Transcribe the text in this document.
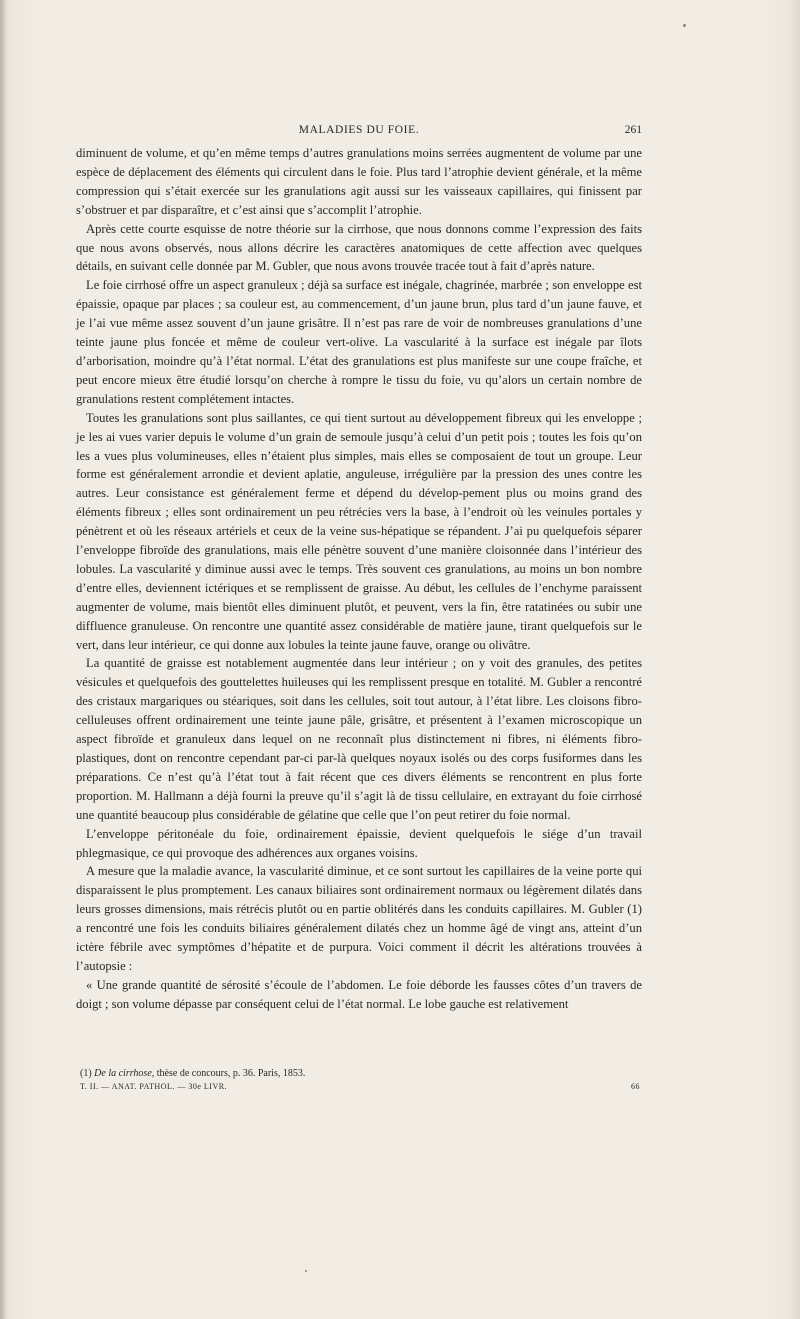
MALADIES DU FOIE.	261

diminuent de volume, et qu’en même temps d’autres granulations moins serrées augmentent de volume par une espèce de déplacement des éléments qui circulent dans le foie. Plus tard l’atrophie devient générale, et la même compression qui s’était exercée sur les granulations agit aussi sur les vaisseaux capillaires, qui finissent par s’obstruer et par disparaître, et c’est ainsi que s’accomplit l’atrophie.

Après cette courte esquisse de notre théorie sur la cirrhose, que nous donnons comme l’expression des faits que nous avons observés, nous allons décrire les caractères anatomiques de cette affection avec quelques détails, en suivant celle donnée par M. Gubler, que nous avons trouvée tracée tout à fait d’après nature.

Le foie cirrhosé offre un aspect granuleux ; déjà sa surface est inégale, chagrinée, marbrée ; son enveloppe est épaissie, opaque par places ; sa couleur est, au commencement, d’un jaune brun, plus tard d’un jaune fauve, et je l’ai vue même assez souvent d’un jaune grisâtre. Il n’est pas rare de voir de nombreuses granulations d’une teinte jaune plus foncée et même de couleur vert-olive. La vascularité à la surface est inégale par îlots d’arborisation, moindre qu’à l’état normal. L’état des granulations est plus manifeste sur une coupe fraîche, et peut encore mieux être étudié lorsqu’on cherche à rompre le tissu du foie, vu qu’alors un certain nombre de granulations restent complétement intactes.

Toutes les granulations sont plus saillantes, ce qui tient surtout au développement fibreux qui les enveloppe ; je les ai vues varier depuis le volume d’un grain de semoule jusqu’à celui d’un petit pois ; toutes les fois qu’on les a vues plus volumineuses, elles n’étaient plus simples, mais elles se composaient de tout un groupe. Leur forme est généralement arrondie et devient aplatie, anguleuse, irrégulière par la pression des unes contre les autres. Leur consistance est généralement ferme et dépend du dévelop-pement plus ou moins grand des éléments fibreux ; elles sont ordinairement un peu rétrécies vers la base, à l’endroit où les veinules portales y pénètrent et où les réseaux artériels et ceux de la veine sus-hépatique se répandent. J’ai pu quelquefois séparer l’enveloppe fibroïde des granulations, mais elle pénètre souvent d’une manière cloisonnée dans l’intérieur des lobules. La vascularité y diminue aussi avec le temps. Très souvent ces granulations, au moins un bon nombre d’entre elles, deviennent ictériques et se remplissent de graisse. Au début, les cellules de l’enchyme paraissent augmenter de volume, mais bientôt elles diminuent plutôt, et peuvent, vers la fin, être ratatinées ou subir une diffluence granuleuse. On rencontre une quantité assez considérable de matière jaune, tirant quelquefois sur le vert, dans leur intérieur, ce qui donne aux lobules la teinte jaune fauve, orange ou olivâtre.

La quantité de graisse est notablement augmentée dans leur intérieur ; on y voit des granules, des petites vésicules et quelquefois des gouttelettes huileuses qui les remplissent presque en totalité. M. Gubler a rencontré des cristaux margariques ou stéariques, soit dans les cellules, soit tout autour, à l’état libre. Les cloisons fibro-celluleuses offrent ordinairement une teinte jaune pâle, grisâtre, et présentent à l’examen microscopique un aspect fibroïde et granuleux dans lequel on ne reconnaît plus distinctement ni fibres, ni éléments fibro-plastiques, dont on rencontre cependant par-ci par-là quelques noyaux isolés ou des corps fusiformes dans les préparations. Ce n’est qu’à l’état tout à fait récent que ces divers éléments se rencontrent en plus forte proportion. M. Hallmann a déjà fourni la preuve qu’il s’agit là de tissu cellulaire, en extrayant du foie cirrhosé une quantité beaucoup plus considérable de gélatine que celle que l’on peut retirer du foie normal.

L’enveloppe péritonéale du foie, ordinairement épaissie, devient quelquefois le siége d’un travail phlegmasique, ce qui provoque des adhérences aux organes voisins.

A mesure que la maladie avance, la vascularité diminue, et ce sont surtout les capillaires de la veine porte qui disparaissent le plus promptement. Les canaux biliaires sont ordinairement normaux ou légèrement dilatés dans leurs grosses dimensions, mais rétrécis plutôt ou en partie oblitérés dans les conduits capillaires. M. Gubler (1) a rencontré une fois les conduits biliaires généralement dilatés chez un homme âgé de vingt ans, atteint d’un ictère fébrile avec symptômes d’hépatite et de purpura. Voici comment il décrit les altérations trouvées à l’autopsie :

« Une grande quantité de sérosité s’écoule de l’abdomen. Le foie déborde les fausses côtes d’un travers de doigt ; son volume dépasse par conséquent celui de l’état normal. Le lobe gauche est relativement

(1) De la cirrhose, thèse de concours, p. 36. Paris, 1853.
T. II. — ANAT. PATHOL. — 30e LIVR.	66
